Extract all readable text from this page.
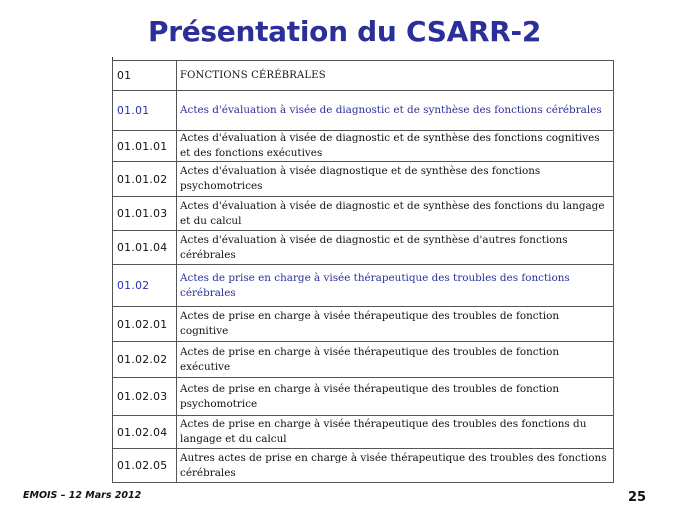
Présentation du CSARR-2
01	FONCTIONS CÉRÉBRALES
01.01	Actes d'évaluation à visée de diagnostic et de synthèse des fonctions cérébrales
01.01.01	Actes d'évaluation à visée de diagnostic et de synthèse des fonctions cognitives et des fonctions exécutives
01.01.02	Actes d'évaluation à visée diagnostique et de synthèse des fonctions psychomotrices
01.01.03	Actes d'évaluation à visée de diagnostic et de synthèse des fonctions du langage et du calcul
01.01.04	Actes d'évaluation à visée de diagnostic et de synthèse d'autres fonctions cérébrales
01.02	Actes de prise en charge à visée thérapeutique des troubles des fonctions cérébrales
01.02.01	Actes de prise en charge à visée thérapeutique des troubles de fonction cognitive
01.02.02	Actes de prise en charge à visée thérapeutique des troubles de fonction exécutive
01.02.03	Actes de prise en charge à visée thérapeutique des troubles de fonction psychomotrice
01.02.04	Actes de prise en charge à visée thérapeutique des troubles des fonctions du langage et du calcul
01.02.05	Autres actes de prise en charge à visée thérapeutique des troubles des fonctions cérébrales

EMOIS – 12 Mars 2012	25
